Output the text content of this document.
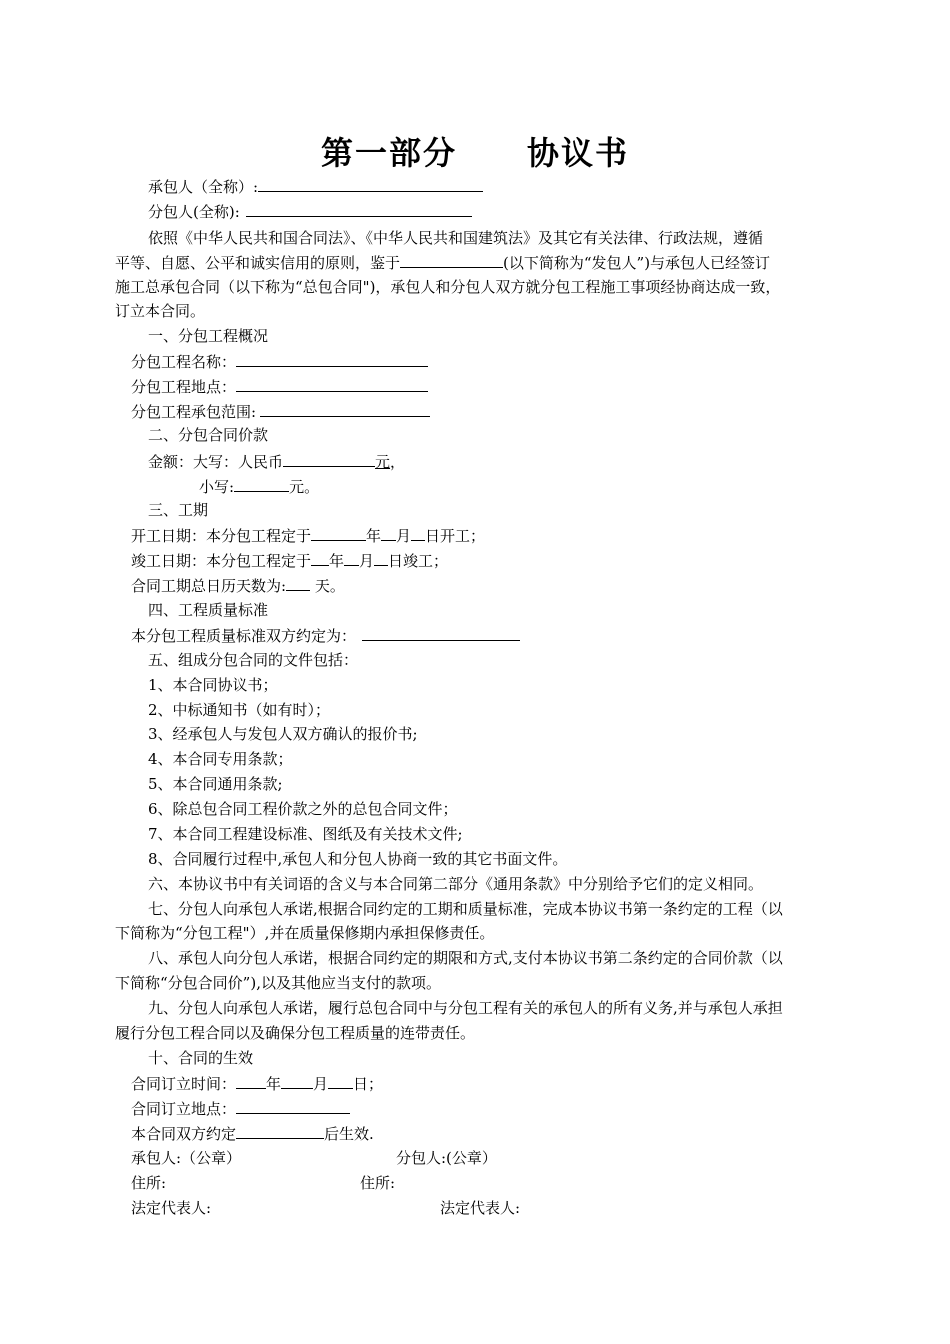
第一部分 协议书
承包人（全称）:
分包人(全称):
依照《中华人民共和国合同法》、《中华人民共和国建筑法》及其它有关法律、行政法规，遵循
平等、自愿、公平和诚实信用的原则，鉴于	(以下简称为“发包人”)与承包人已经签订
施工总承包合同（以下称为“总包合同")，承包人和分包人双方就分包工程施工事项经协商达成一致，
订立本合同。
一、分包工程概况
分包工程名称：
分包工程地点：
分包工程承包范围:
二、分包合同价款
金额：大写：人民币	元，
小写:	元。
三、工期
开工日期：本分包工程定于	年 月 日开工；
竣工日期：本分包工程定于 年 月 日竣工；
合同工期总日历天数为: 天。
四、工程质量标准
本分包工程质量标准双方约定为：
五、组成分包合同的文件包括：
1、本合同协议书；
2、中标通知书（如有时）；
3、经承包人与发包人双方确认的报价书;
4、本合同专用条款；
5、本合同通用条款;
6、除总包合同工程价款之外的总包合同文件；
7、本合同工程建设标准、图纸及有关技术文件;
8、合同履行过程中,承包人和分包人协商一致的其它书面文件。
六、本协议书中有关词语的含义与本合同第二部分《通用条款》中分别给予它们的定义相同。
七、分包人向承包人承诺,根据合同约定的工期和质量标准，完成本协议书第一条约定的工程（以
下简称为“分包工程"）,并在质量保修期内承担保修责任。
八、承包人向分包人承诺，根据合同约定的期限和方式,支付本协议书第二条约定的合同价款（以
下简称“分包合同价”),以及其他应当支付的款项。
九、分包人向承包人承诺，履行总包合同中与分包工程有关的承包人的所有义务,并与承包人承担
履行分包工程合同以及确保分包工程质量的连带责任。
十、合同的生效
合同订立时间： 年 月 日；
合同订立地点：
本合同双方约定	后生效.
承包人:（公章）	分包人:(公章）
住所:	住所:
法定代表人:	法定代表人:
